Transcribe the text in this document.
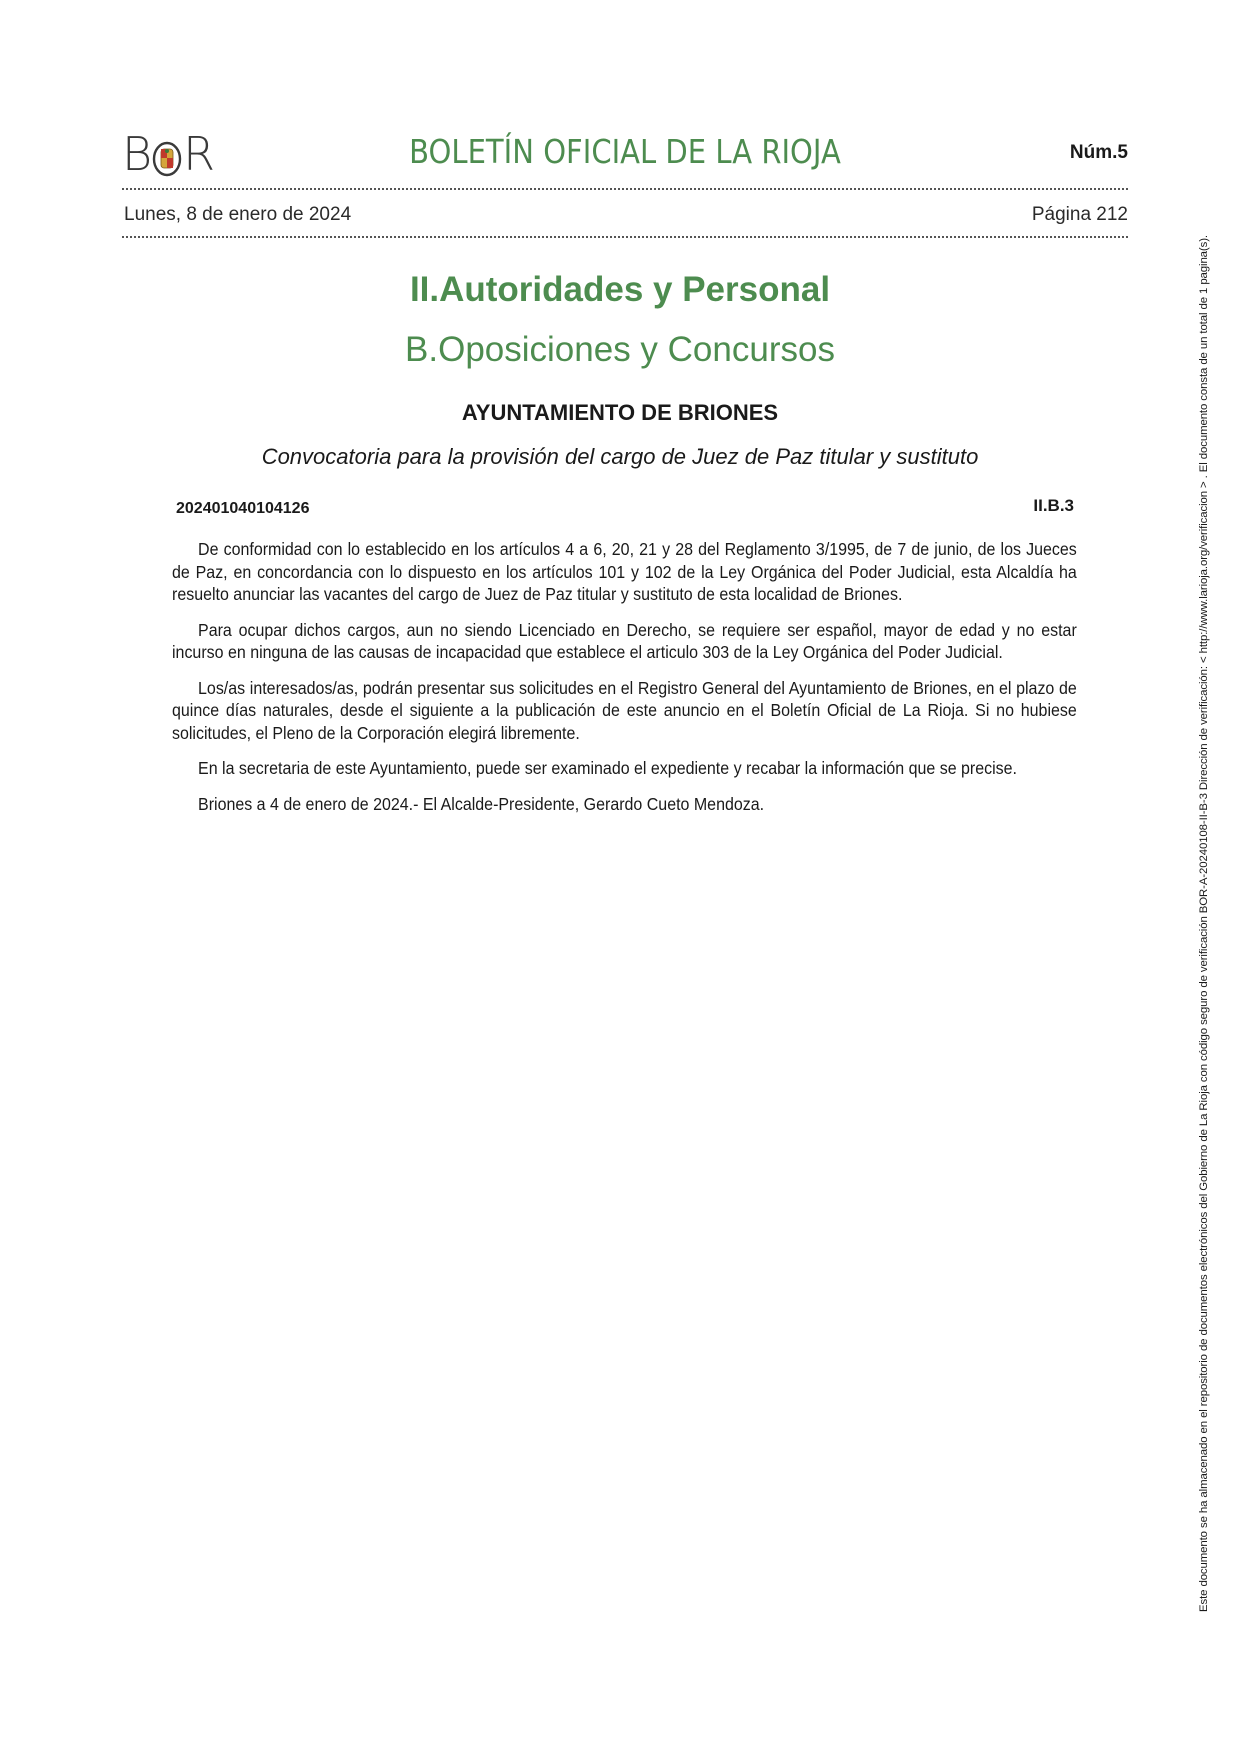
B R	BOLETÍN OFICIAL DE LA RIOJA	Núm.5
Lunes, 8 de enero de 2024	Página 212
II.Autoridades y Personal
B.Oposiciones y Concursos
AYUNTAMIENTO DE BRIONES
Convocatoria para la provisión del cargo de Juez de Paz titular y sustituto
202401040104126	II.B.3

De conformidad con lo establecido en los artículos 4 a 6, 20, 21 y 28 del Reglamento 3/1995, de 7 de junio, de los Jueces de Paz, en concordancia con lo dispuesto en los artículos 101 y 102 de la Ley Orgánica del Poder Judicial, esta Alcaldía ha resuelto anunciar las vacantes del cargo de Juez de Paz titular y sustituto de esta localidad de Briones.

Para ocupar dichos cargos, aun no siendo Licenciado en Derecho, se requiere ser español, mayor de edad y no estar incurso en ninguna de las causas de incapacidad que establece el articulo 303 de la Ley Orgánica del Poder Judicial.

Los/as interesados/as, podrán presentar sus solicitudes en el Registro General del Ayuntamiento de Briones, en el plazo de quince días naturales, desde el siguiente a la publicación de este anuncio en el Boletín Oficial de La Rioja. Si no hubiese solicitudes, el Pleno de la Corporación elegirá libremente.

En la secretaria de este Ayuntamiento, puede ser examinado el expediente y recabar la información que se precise.

Briones a 4 de enero de 2024.- El Alcalde-Presidente, Gerardo Cueto Mendoza.	Este documento se ha almacenado en el repositorio de documentos electrónicos del Gobierno de La Rioja con código seguro de verificación BOR-A-20240108-II-B-3 Dirección de verificación: < http://www.larioja.org/verificacion > . El documento consta de un total de 1 pagina(s).
